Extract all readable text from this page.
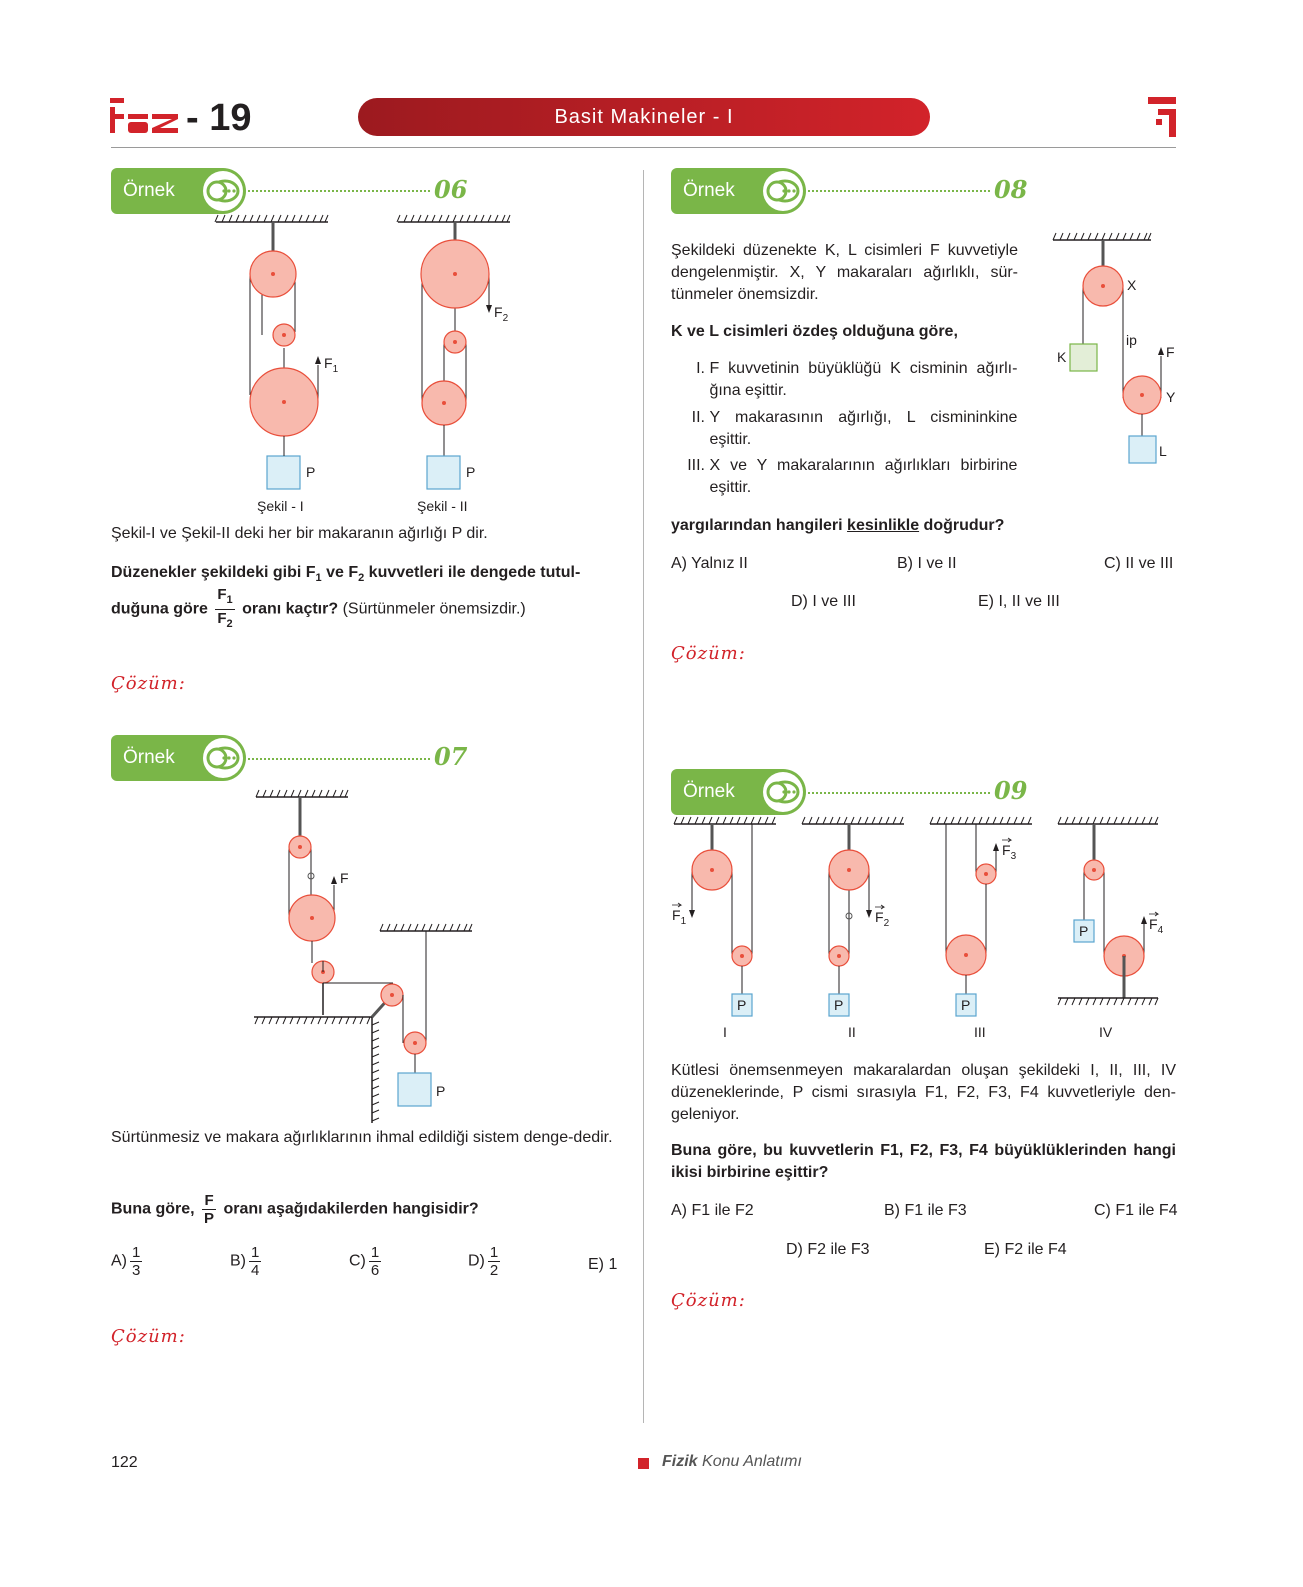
- 19	Basit Makineler - I
Örnek	06
P	P
$F_1$
$F_2$
Şekil - I	Şekil - II
Şekil-I ve Şekil-II deki her bir makaranın ağırlığı P dir.
Düzenekler şekildeki gibi $F_1$ ve $F_2$ kuvvetleri ile dengede tutul-
duğuna göre $\frac{F_1}{F_2}$ oranı kaçtır? (Sürtünmeler önemsizdir.)
Çözüm:
Örnek	07
F
P
Sürtünmesiz ve makara ağırlıklarının ihmal edildiği sistem denge-dedir.
Buna göre, $\frac{F}{P}$ oranı aşağıdakilerden hangisidir?
$A) \frac{1}{3}$	$B) \frac{1}{4}$	$C) \frac{1}{6}$	$D) \frac{1}{2}$	E) 1
Çözüm:
Örnek	08
Şekildeki düzenekte K, L cisimleri F kuvvetiyle dengelenmiştir. X, Y makaraları ağırlıklı, sür-tünmeler önemsizdir.
K ve L cisimleri özdeş olduğuna göre,
I. F kuvvetinin büyüklüğü K cisminin ağırlı-ğına eşittir.
II. Y makarasının ağırlığı, L cismininkine eşittir.
III. X ve Y makaralarının ağırlıkları birbirine eşittir.
X
ip
K	F
Y
L
yargılarından hangileri kesinlikle doğrudur?
A) Yalnız II	B) I ve II	C) II ve III
D) I ve III	E) I, II ve III
Çözüm:
Örnek	09
P	P	P
P
$F_1$	$F_2$
$F_3$
$F_4$
I	II	III	IV
Kütlesi önemsenmeyen makaralardan oluşan şekildeki I, II, III, IV düzeneklerinde, P cismi sırasıyla F1, F2, F3, F4 kuvvetleriyle den-geleniyor.
Buna göre, bu kuvvetlerin F1, F2, F3, F4 büyüklüklerinden hangi ikisi birbirine eşittir?
A) F1 ile F2	B) F1 ile F3	C) F1 ile F4
D) F2 ile F3	E) F2 ile F4
Çözüm:
122	Fizik Konu Anlatımı
